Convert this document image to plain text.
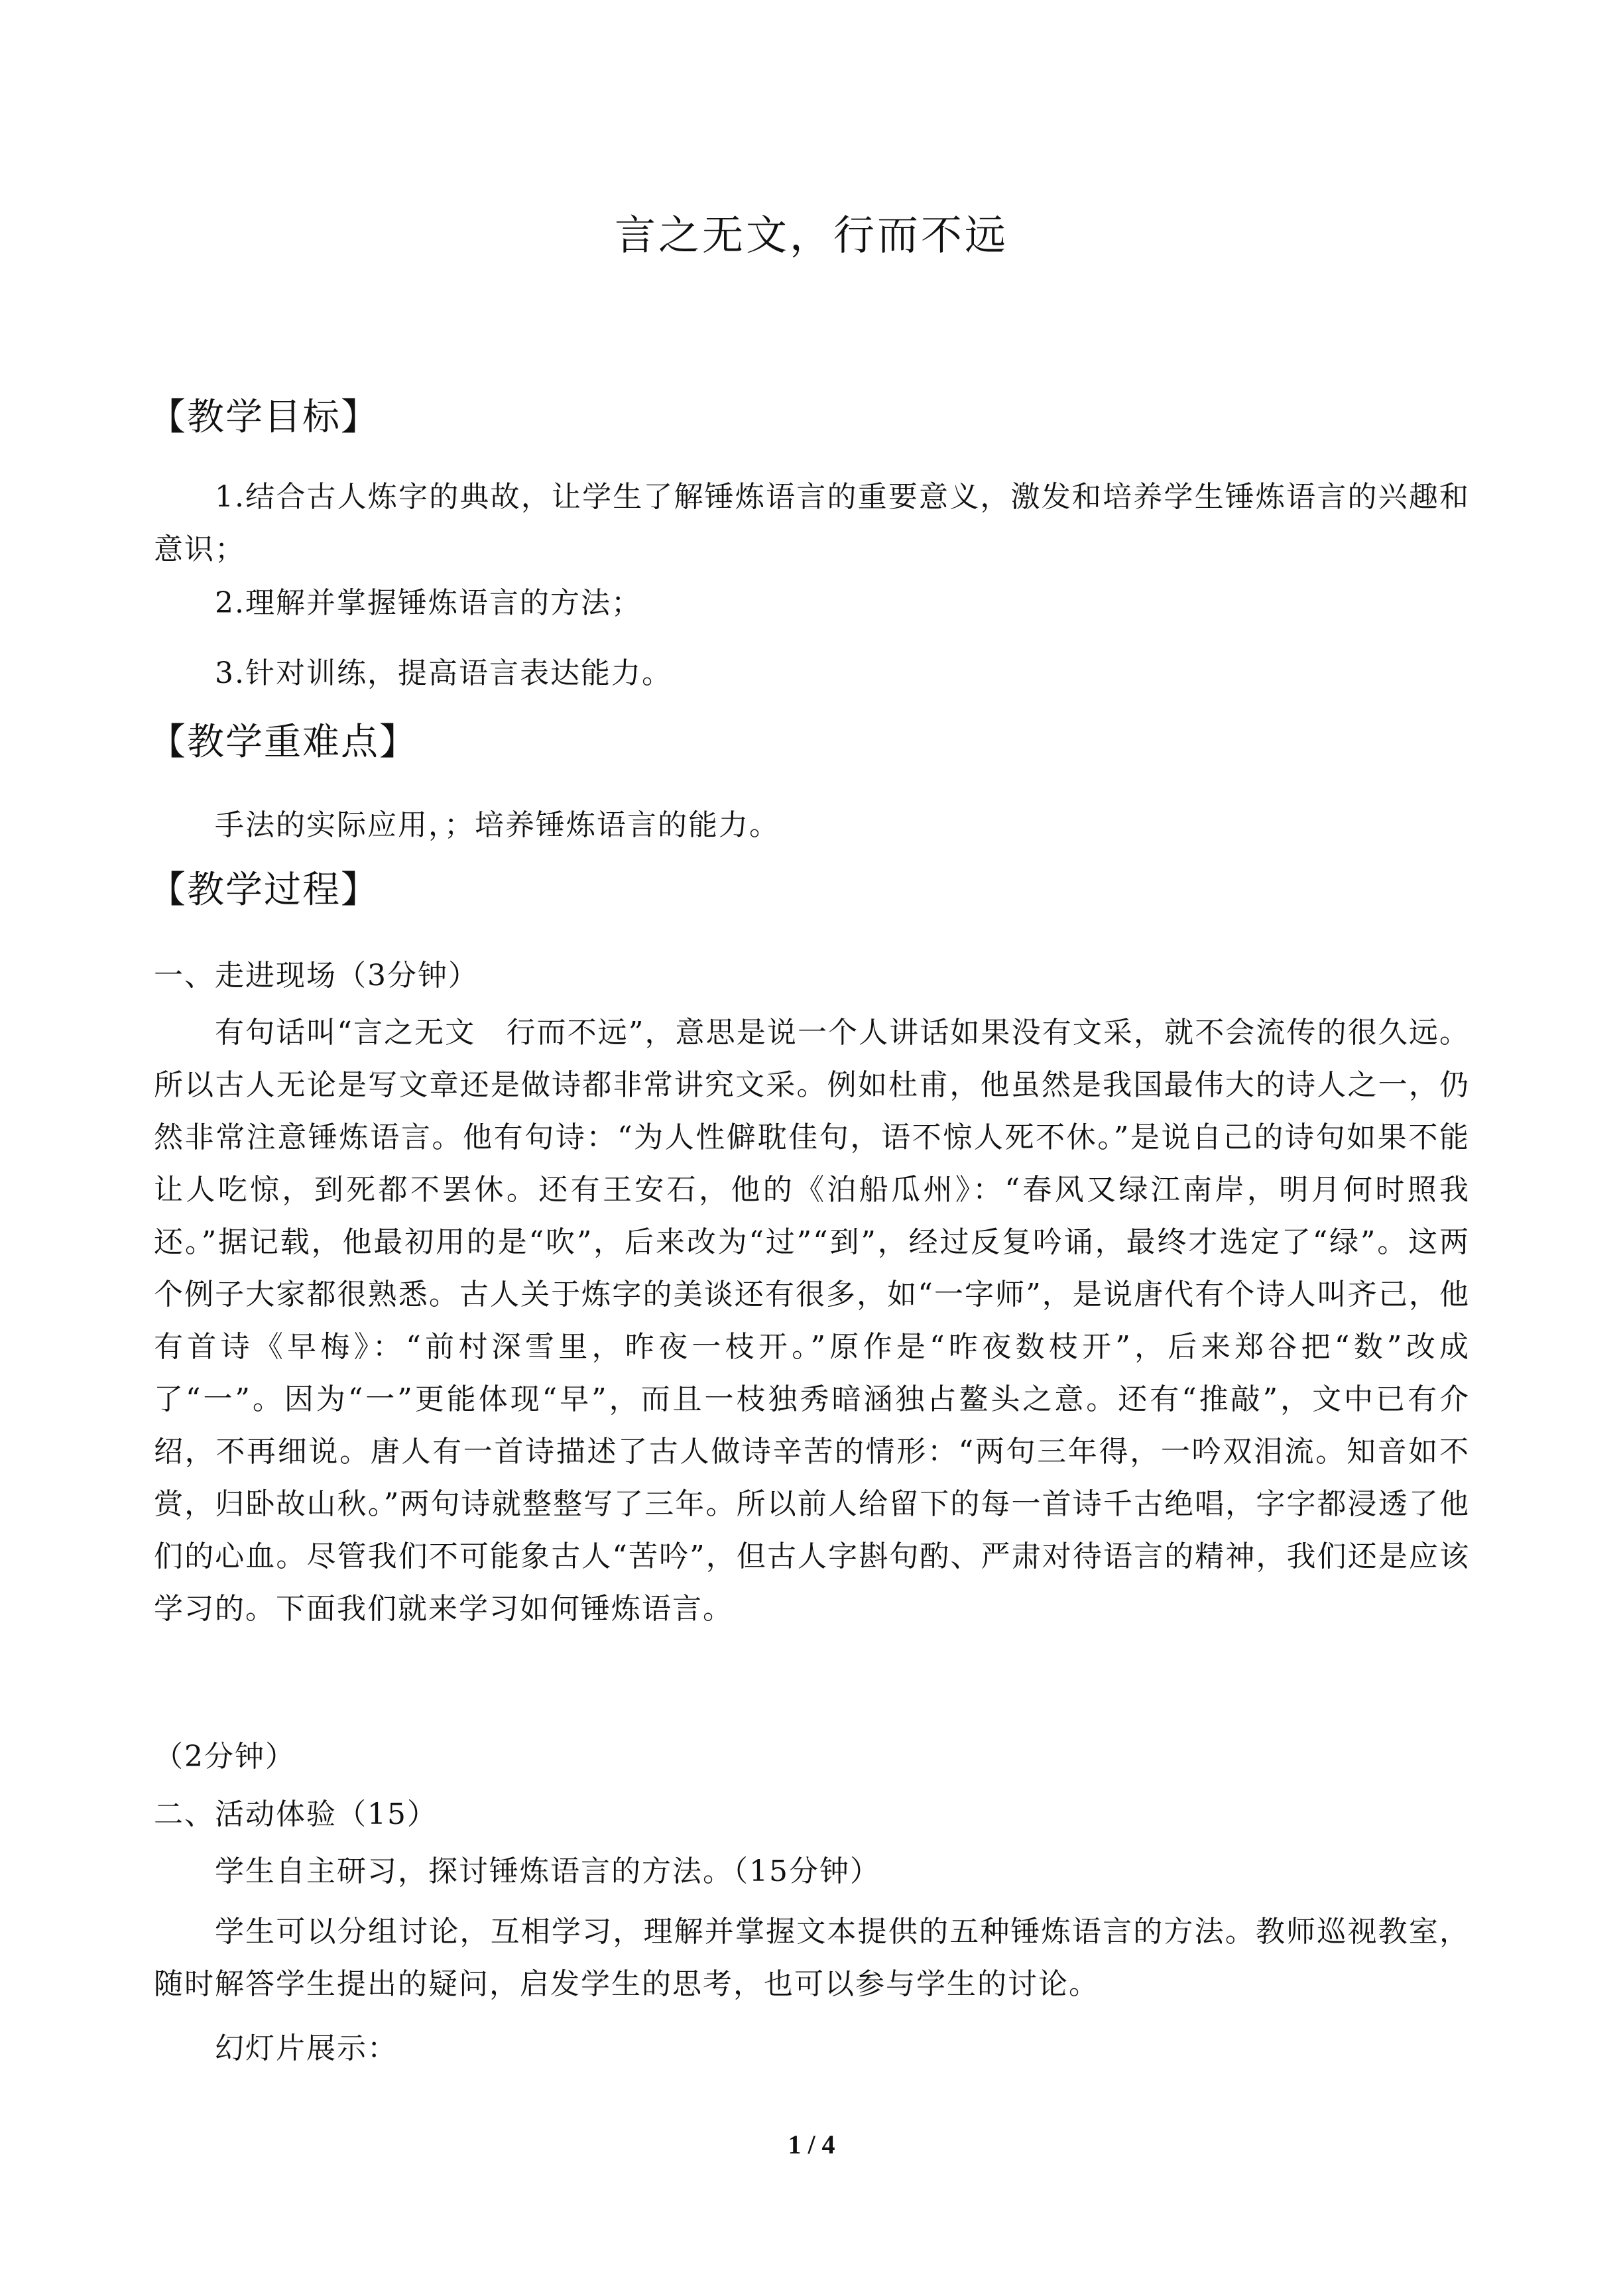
言之无文，行而不远
【教学目标】
1.结合古人炼字的典故，让学生了解锤炼语言的重要意义，激发和培养学生锤炼语言的兴趣和意识；
2.理解并掌握锤炼语言的方法；
3.针对训练，提高语言表达能力。
【教学重难点】
手法的实际应用，；培养锤炼语言的能力。
【教学过程】
一、走进现场（3分钟）
有句话叫“言之无文　行而不远”，意思是说一个人讲话如果没有文采，就不会流传的很久远。所以古人无论是写文章还是做诗都非常讲究文采。例如杜甫，他虽然是我国最伟大的诗人之一，仍然非常注意锤炼语言。他有句诗：“为人性僻耽佳句，语不惊人死不休。”是说自己的诗句如果不能让人吃惊，到死都不罢休。还有王安石，他的《泊船瓜州》：“春风又绿江南岸，明月何时照我还。”据记载，他最初用的是“吹”，后来改为“过”“到”，经过反复吟诵，最终才选定了“绿”。这两个例子大家都很熟悉。古人关于炼字的美谈还有很多，如“一字师”，是说唐代有个诗人叫齐己，他有首诗《早梅》：“前村深雪里，昨夜一枝开。”原作是“昨夜数枝开”，后来郑谷把“数”改成了“一”。因为“一”更能体现“早”，而且一枝独秀暗涵独占鳌头之意。还有“推敲”，文中已有介绍，不再细说。唐人有一首诗描述了古人做诗辛苦的情形：“两句三年得，一吟双泪流。知音如不赏，归卧故山秋。”两句诗就整整写了三年。所以前人给留下的每一首诗千古绝唱，字字都浸透了他们的心血。尽管我们不可能象古人“苦吟”，但古人字斟句酌、严肃对待语言的精神，我们还是应该学习的。下面我们就来学习如何锤炼语言。
（2分钟）
二、活动体验（15）
学生自主研习，探讨锤炼语言的方法。（15分钟）
学生可以分组讨论，互相学习，理解并掌握文本提供的五种锤炼语言的方法。教师巡视教室，随时解答学生提出的疑问，启发学生的思考，也可以参与学生的讨论。
幻灯片展示：
1 / 4
